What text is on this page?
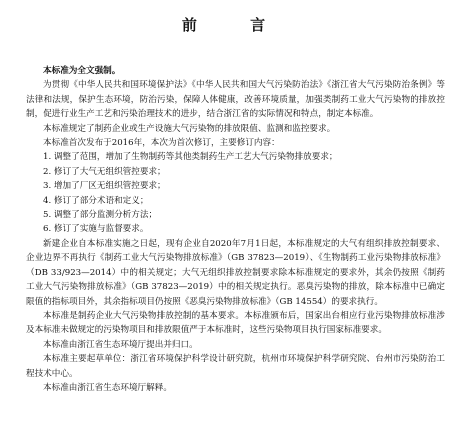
前 言

本标准为全文强制。

为贯彻《中华人民共和国环境保护法》《中华人民共和国大气污染防治法》《浙江省大气污染防治条例》等法律和法规，保护生态环境，防治污染，保障人体健康，改善环境质量，加强类制药工业大气污染物的排放控制，促进行业生产工艺和污染治理技术的进步，结合浙江省的实际情况和特点，制定本标准。

本标准规定了制药企业或生产设施大气污染物的排放限值、监测和监控要求。

本标准首次发布于2016年，本次为首次修订，主要修订内容：

1. 调整了范围，增加了生物制药等其他类制药生产工艺大气污染物排放要求；

2. 修订了大气无组织管控要求；

3. 增加了厂区无组织管控要求；

4. 修订了部分术语和定义；

5. 调整了部分监测分析方法；

6. 修订了实施与监督要求。

新建企业自本标准实施之日起，现有企业自2020年7月1日起，本标准规定的大气有组织排放控制要求、企业边界不再执行《制药工业大气污染物排放标准》（GB 37823—2019）、《生物制药工业污染物排放标准》（DB 33/923—2014）中的相关规定；大气无组织排放控制要求除本标准规定的要求外，其余仍按照《制药工业大气污染物排放标准》（GB 37823—2019）中的相关规定执行。恶臭污染物的排放，除本标准中已确定限值的指标项目外，其余指标项目仍按照《恶臭污染物排放标准》（GB 14554）的要求执行。

本标准是制药企业大气污染物排放控制的基本要求。本标准颁布后，国家出台相应行业污染物排放标准涉及本标准未做规定的污染物项目和排放限值严于本标准时，这些污染物项目执行国家标准要求。

本标准由浙江省生态环境厅提出并归口。

本标准主要起草单位：浙江省环境保护科学设计研究院，杭州市环境保护科学研究院、台州市污染防治工程技术中心。

本标准由浙江省生态环境厅解释。
